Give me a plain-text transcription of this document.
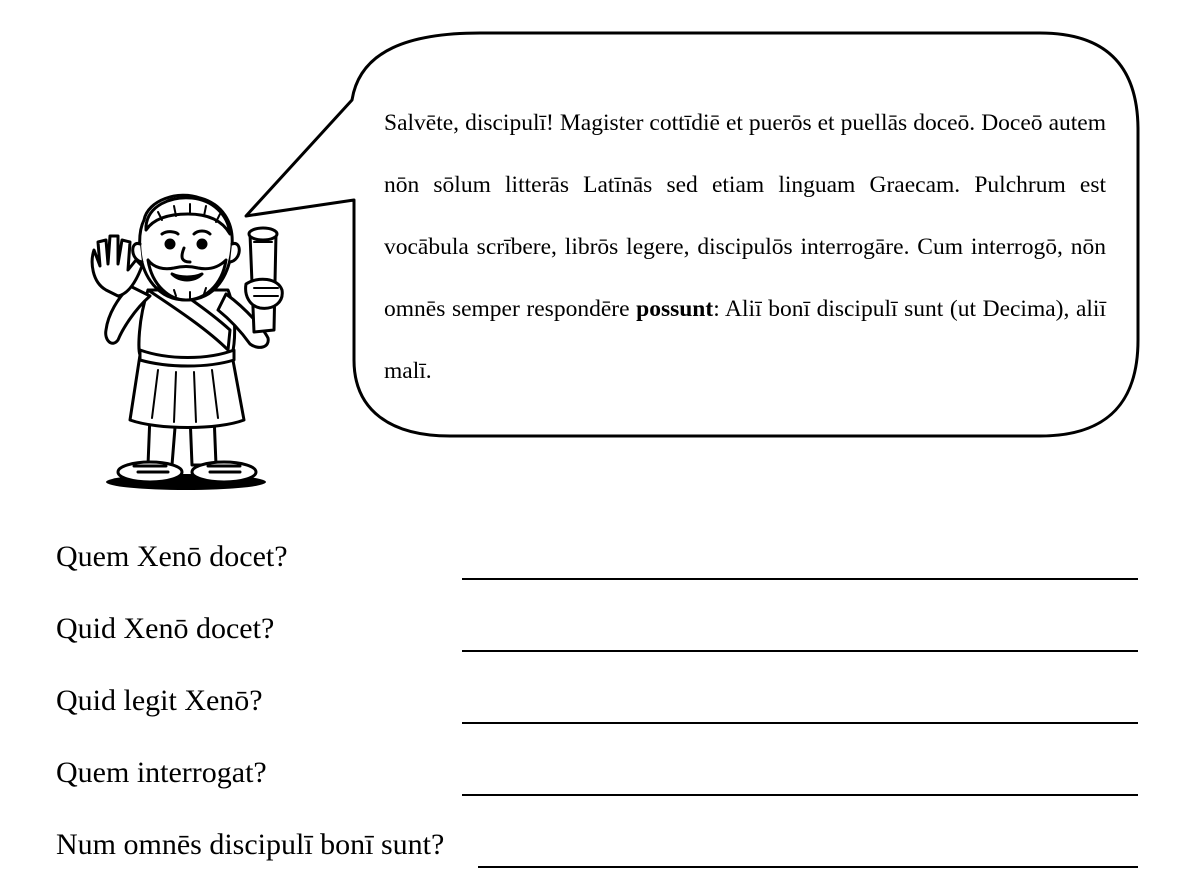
Salvēte, discipulī! Magister cottīdiē et puerōs et puellās doceō. Doceō autem nōn sōlum litterās Latīnās sed etiam linguam Graecam. Pulchrum est vocābula scrībere, librōs legere, discipulōs interrogāre. Cum interrogō, nōn omnēs semper respondēre possunt: Aliī bonī discipulī sunt (ut Decima), aliī malī.

Quem Xenō docet?
Quid Xenō docet?
Quid legit Xenō?
Quem interrogat?
Num omnēs discipulī bonī sunt?
